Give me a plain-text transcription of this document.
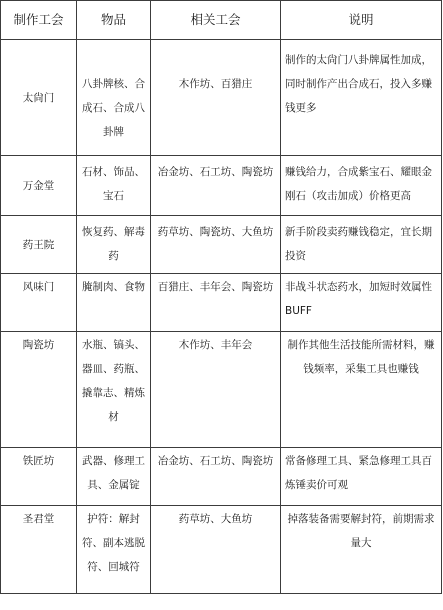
制作工会	物品	相关工会	说明
太尙门	八卦牌核、合成石、合成八卦牌	木作坊、百猎庄	制作的太尙门八卦牌属性加成，同时制作产出合成石，投入多赚钱更多
万金堂	石材、饰品、宝石	冶金坊、石工坊、陶瓷坊	赚钱给力，合成紫宝石、耀眼金刚石（攻击加成）价格更高
药王院	恢复药、解毒药	药草坊、陶瓷坊、大鱼坊	新手阶段卖药赚钱稳定，宜长期投资
风味门	腌制肉、食物	百猎庄、丰年会、陶瓷坊	非战斗状态药水，加短时效属性 BUFF
陶瓷坊	水瓶、镐头、器皿、药瓶、撬靠志、精炼材	木作坊、丰年会	制作其他生活技能所需材料，赚钱频率，采集工具也赚钱
铁匠坊	武器、修理工具、金属锭	冶金坊、石工坊、陶瓷坊	常备修理工具、紧急修理工具百炼锤卖价可观
圣君堂	护符：解封符、副本逃脱符、回城符	药草坊、大鱼坊	掉落装备需要解封符，前期需求量大
